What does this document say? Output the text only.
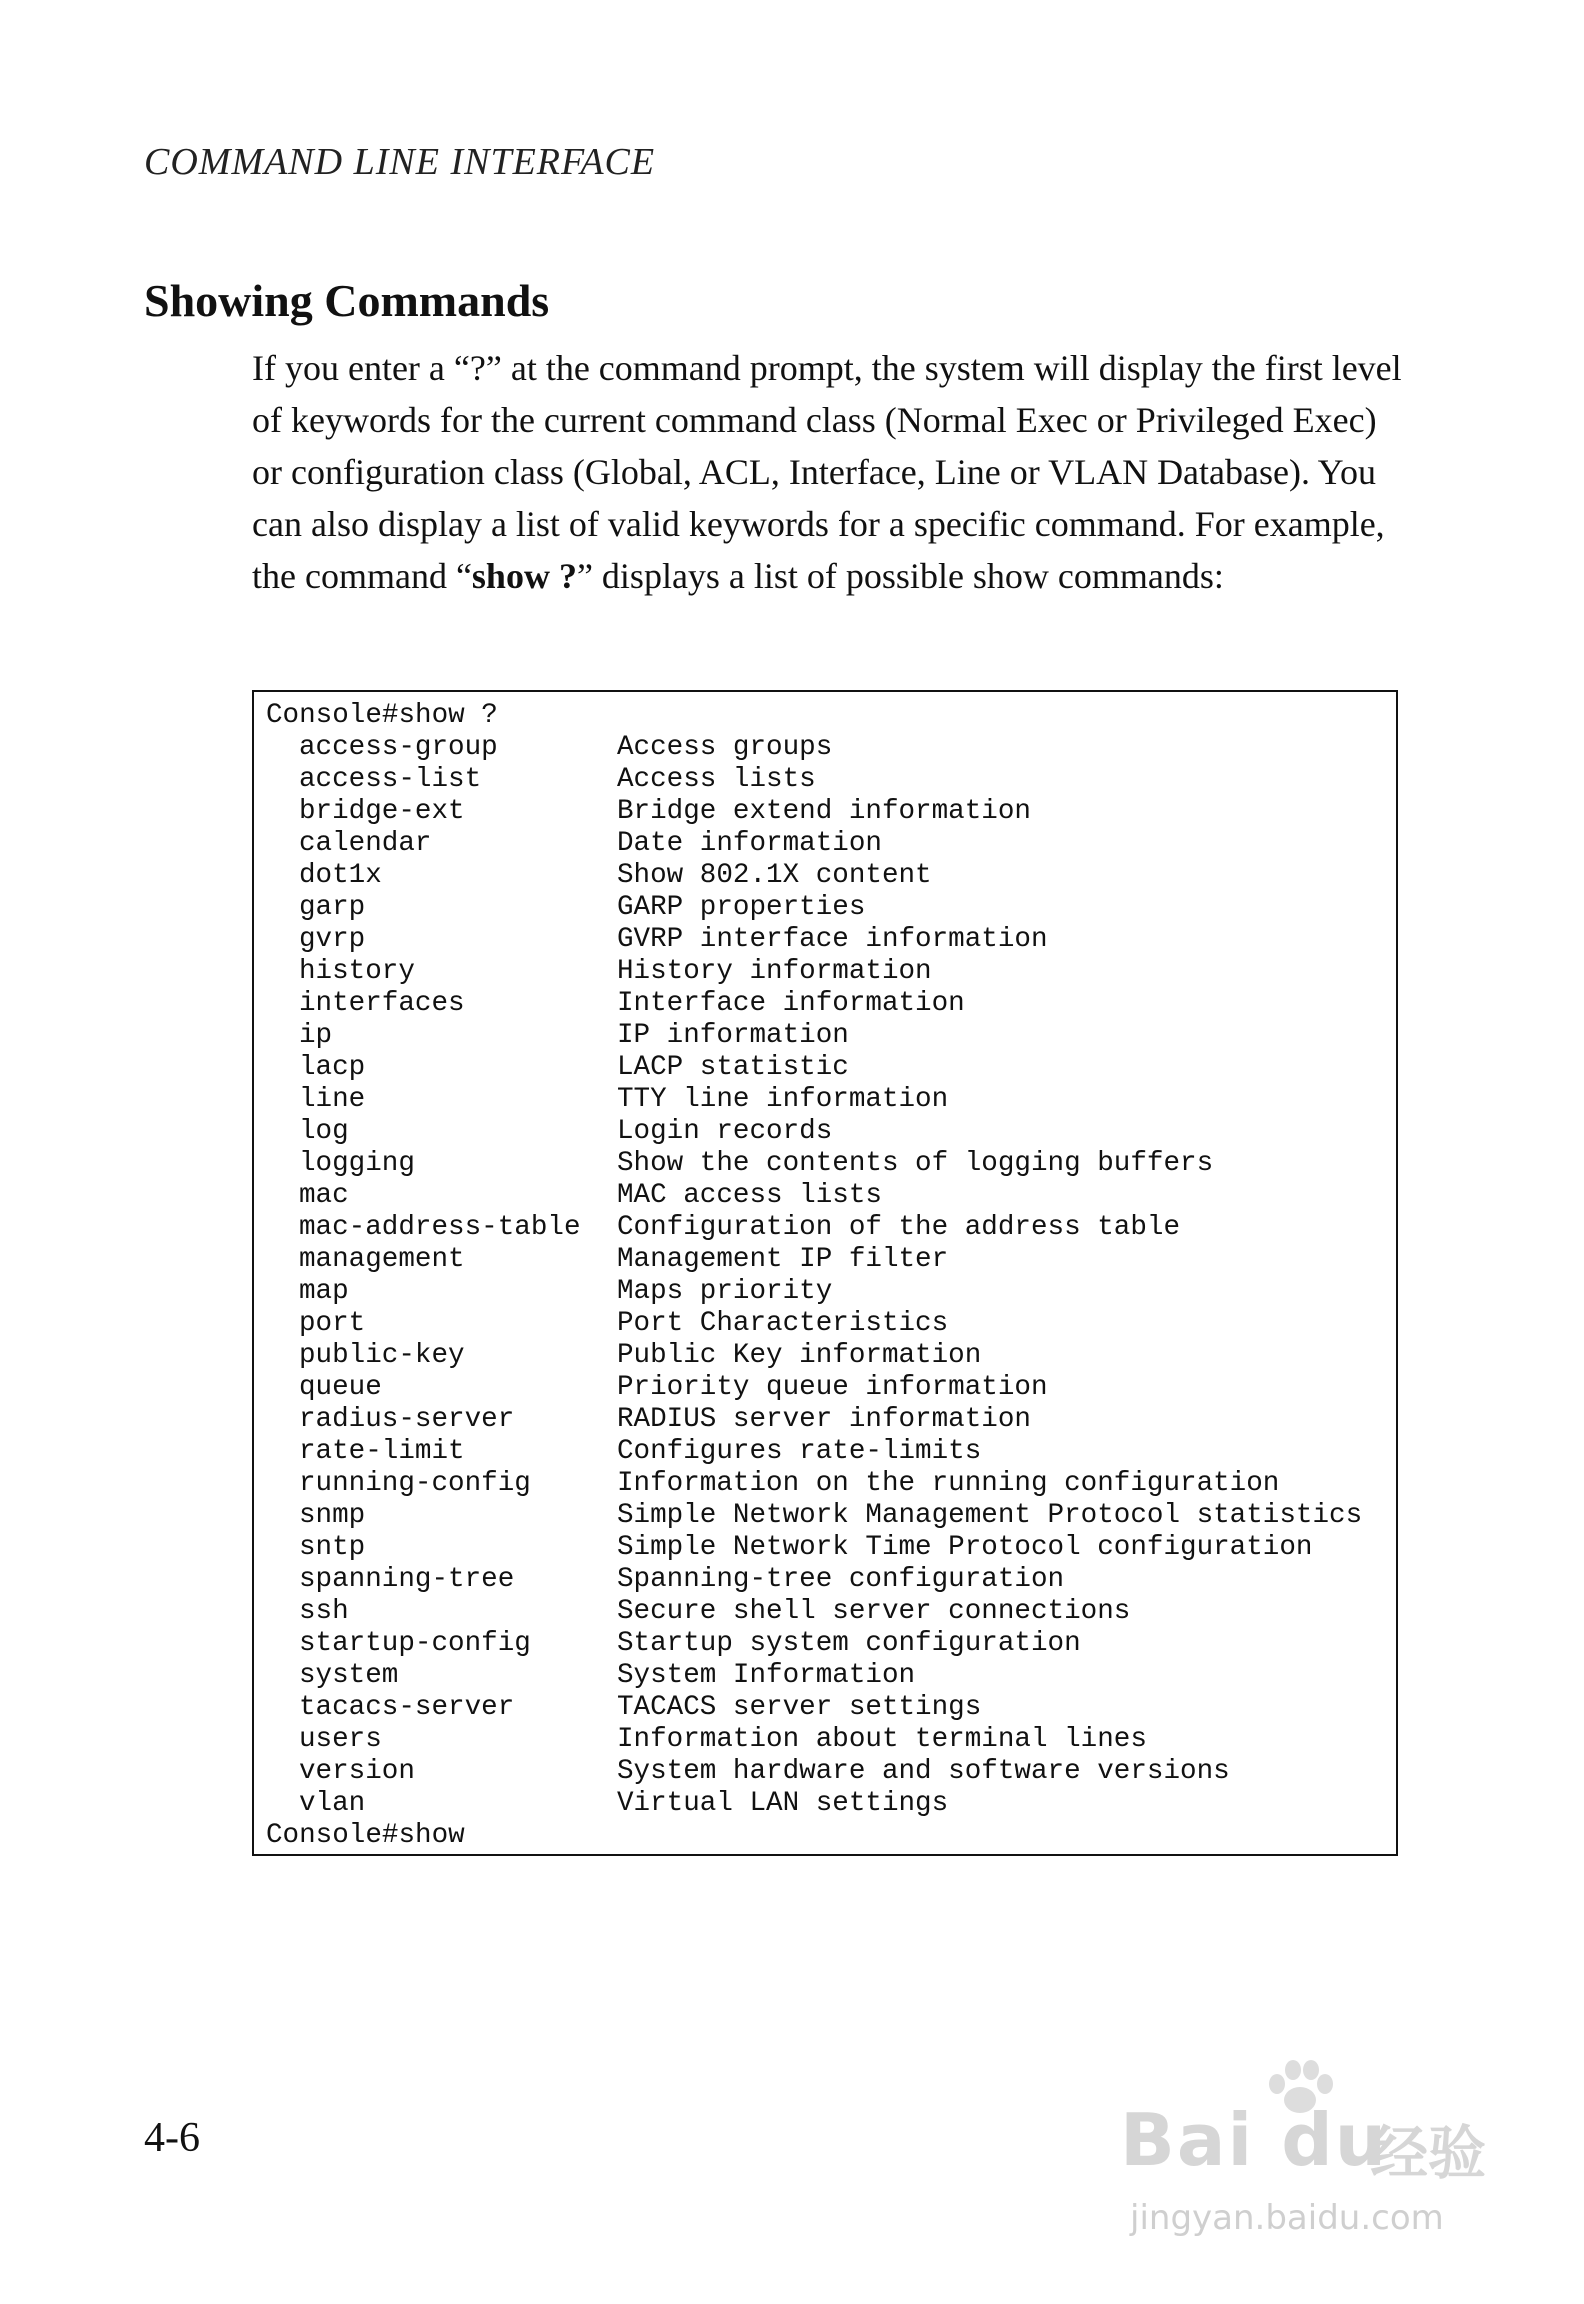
COMMAND LINE INTERFACE
Showing Commands

If you enter a “?” at the command prompt, the system will display the first level of keywords for the current command class (Normal Exec or Privileged Exec) or configuration class (Global, ACL, Interface, Line or VLAN Database). You can also display a list of valid keywords for a specific command. For example, the command “show ?” displays a list of possible show commands:

Console#show ?
access-group	Access groups
access-list	Access lists
bridge-ext	Bridge extend information
calendar	Date information
dot1x	Show 802.1X content
garp	GARP properties
gvrp	GVRP interface information
history	History information
interfaces	Interface information
ip	IP information
lacp	LACP statistic
line	TTY line information
log	Login records
logging	Show the contents of logging buffers
mac	MAC access lists
mac-address-table Configuration of the address table
management	Management IP filter
map	Maps priority
port	Port Characteristics
public-key	Public Key information
queue	Priority queue information
radius-server	RADIUS server information
rate-limit	Configures rate-limits
running-config	Information on the running configuration
snmp	Simple Network Management Protocol statistics
sntp	Simple Network Time Protocol configuration
spanning-tree	Spanning-tree configuration
ssh	Secure shell server connections
startup-config	Startup system configuration
system	System Information
tacacs-server	TACACS server settings
users	Information about terminal lines
version	System hardware and software versions
vlan	Virtual LAN settings
Console#show
4-6	Bai du
经验
jingyan.baidu.com
